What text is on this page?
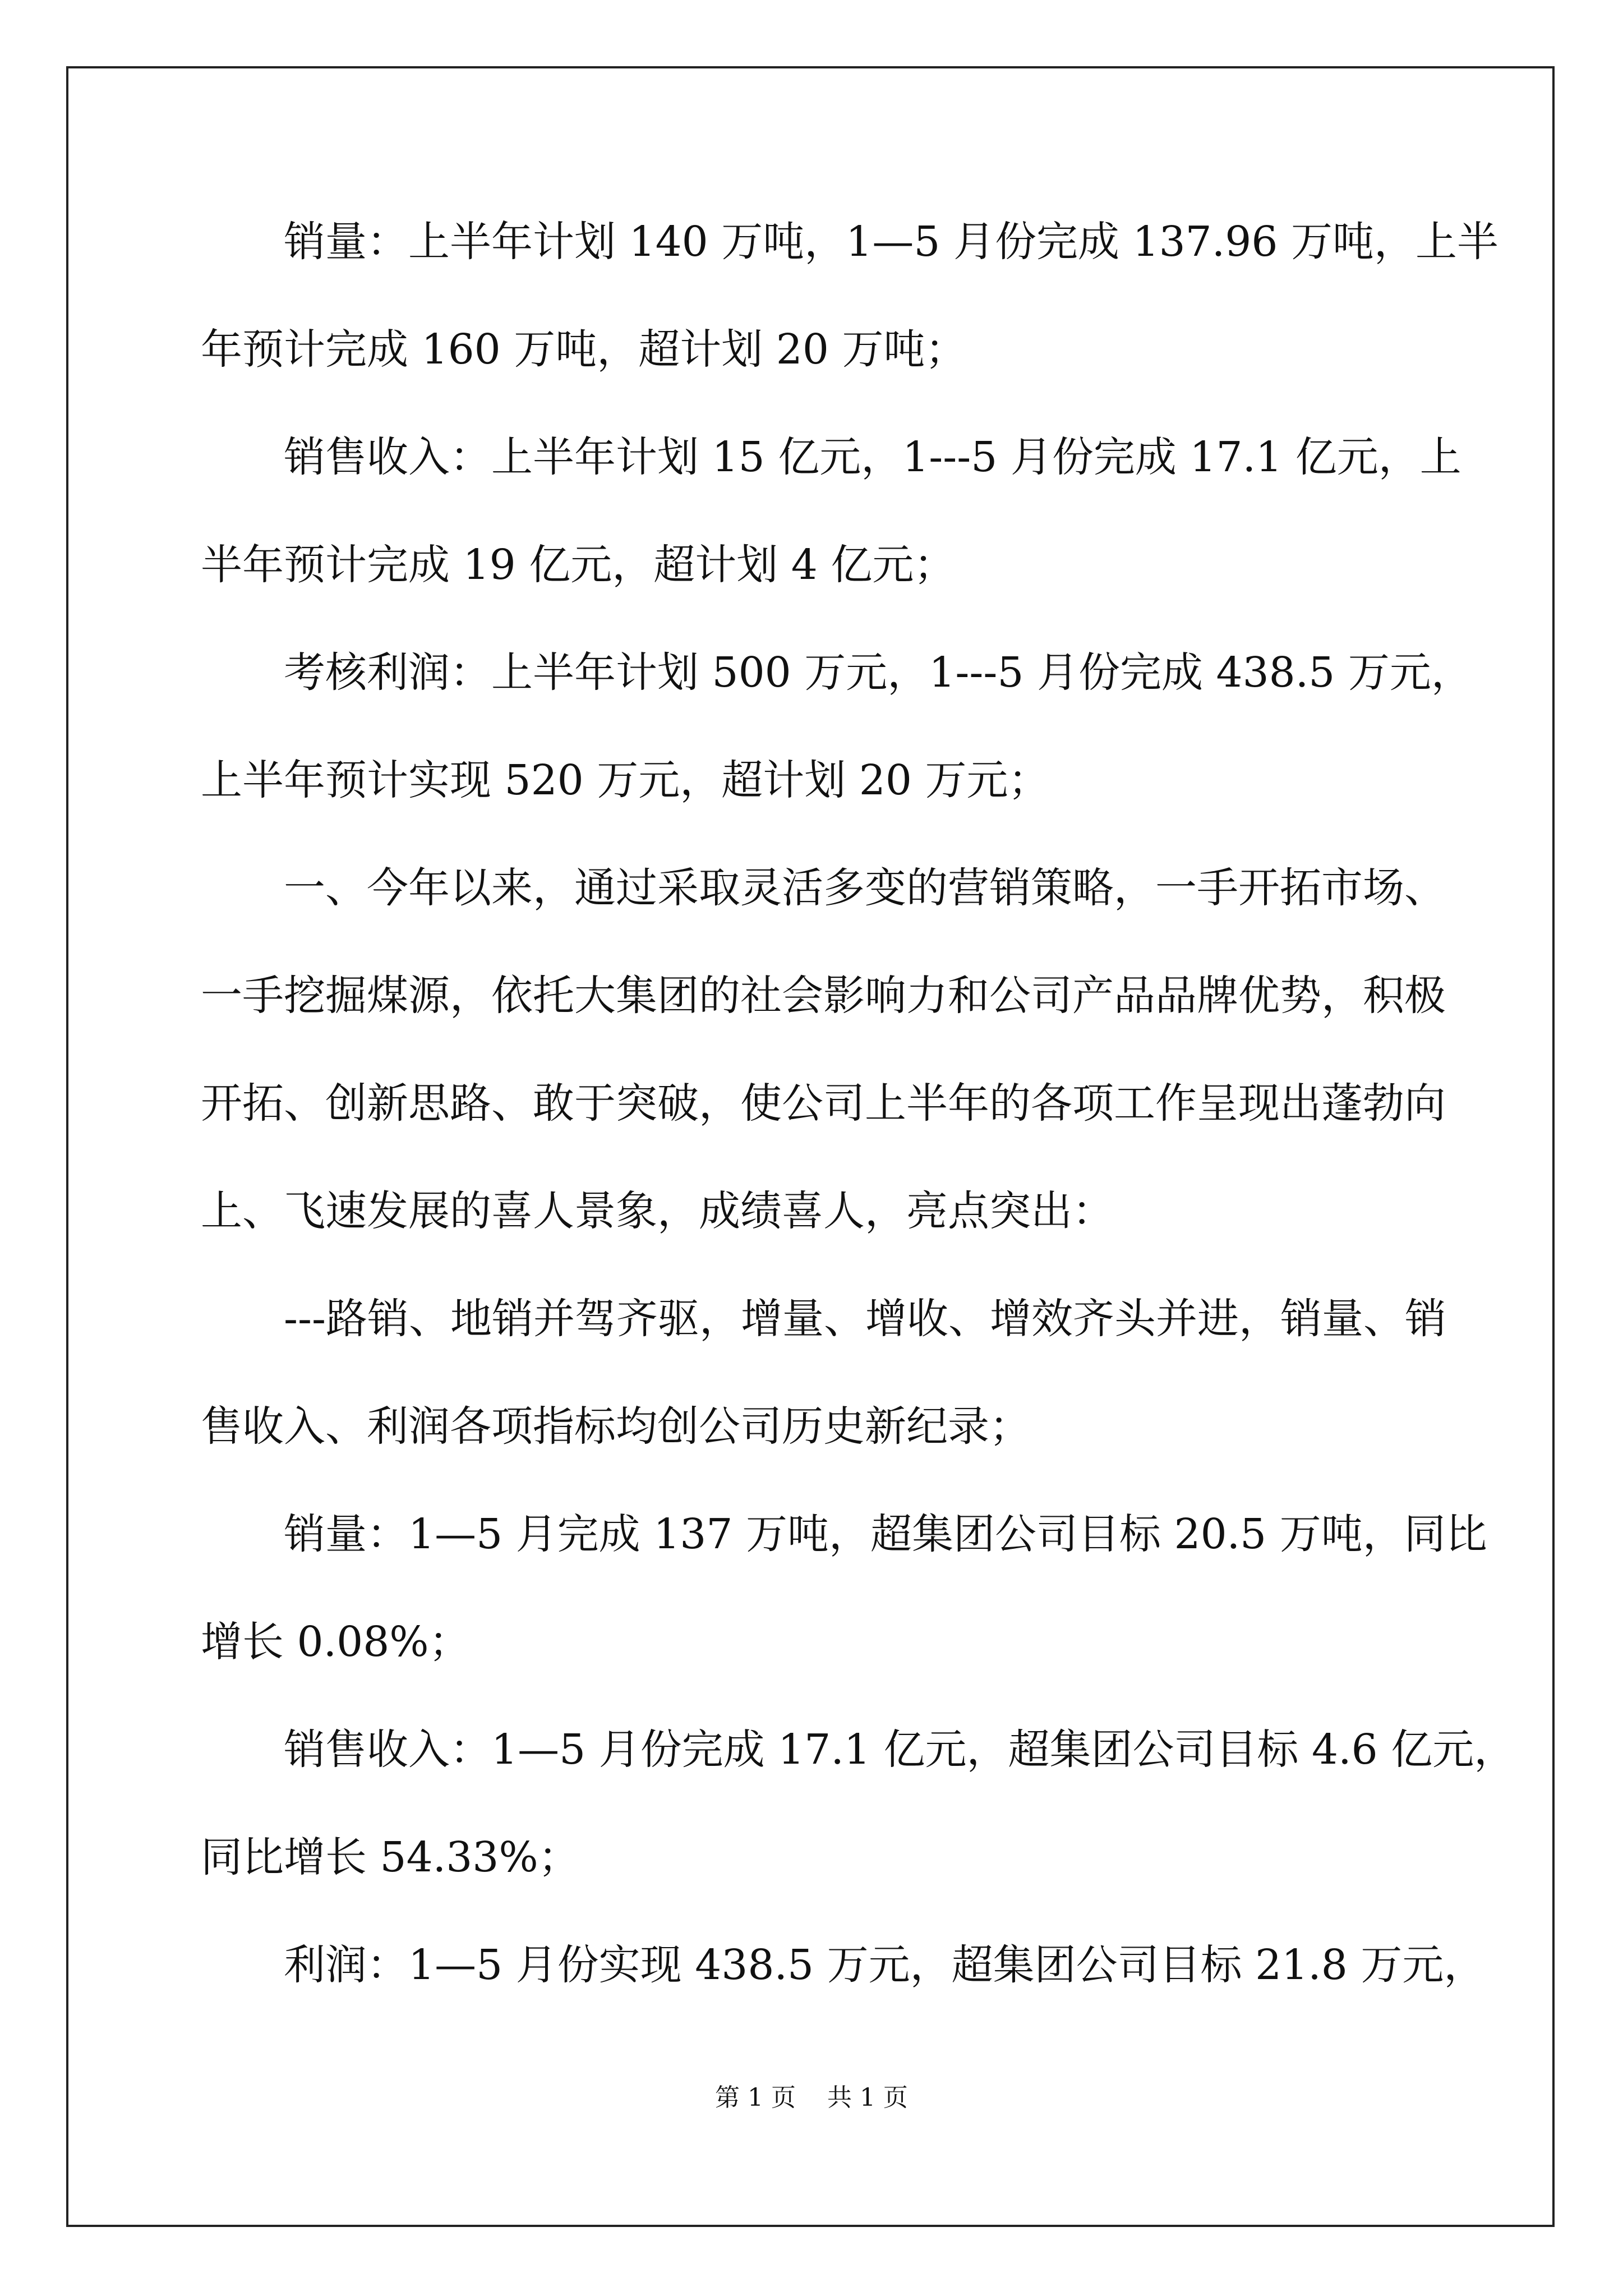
销量：上半年计划 140 万吨，1—5 月份完成 137.96 万吨，上半
年预计完成 160 万吨，超计划 20 万吨；
销售收入：上半年计划 15 亿元，1---5 月份完成 17.1 亿元，上
半年预计完成 19 亿元，超计划 4 亿元；
考核利润：上半年计划 500 万元，1---5 月份完成 438.5 万元，
上半年预计实现 520 万元，超计划 20 万元；
一、今年以来，通过采取灵活多变的营销策略，一手开拓市场、
一手挖掘煤源，依托大集团的社会影响力和公司产品品牌优势，积极
开拓、创新思路、敢于突破，使公司上半年的各项工作呈现出蓬勃向
上、飞速发展的喜人景象，成绩喜人，亮点突出：
---路销、地销并驾齐驱，增量、增收、增效齐头并进，销量、销
售收入、利润各项指标均创公司历史新纪录；
销量：1—5 月完成 137 万吨，超集团公司目标 20.5 万吨，同比
增长 0.08%；
销售收入：1—5 月份完成 17.1 亿元，超集团公司目标 4.6 亿元，
同比增长 54.33%；
利润：1—5 月份实现 438.5 万元，超集团公司目标 21.8 万元，
第 1 页    共 1 页
